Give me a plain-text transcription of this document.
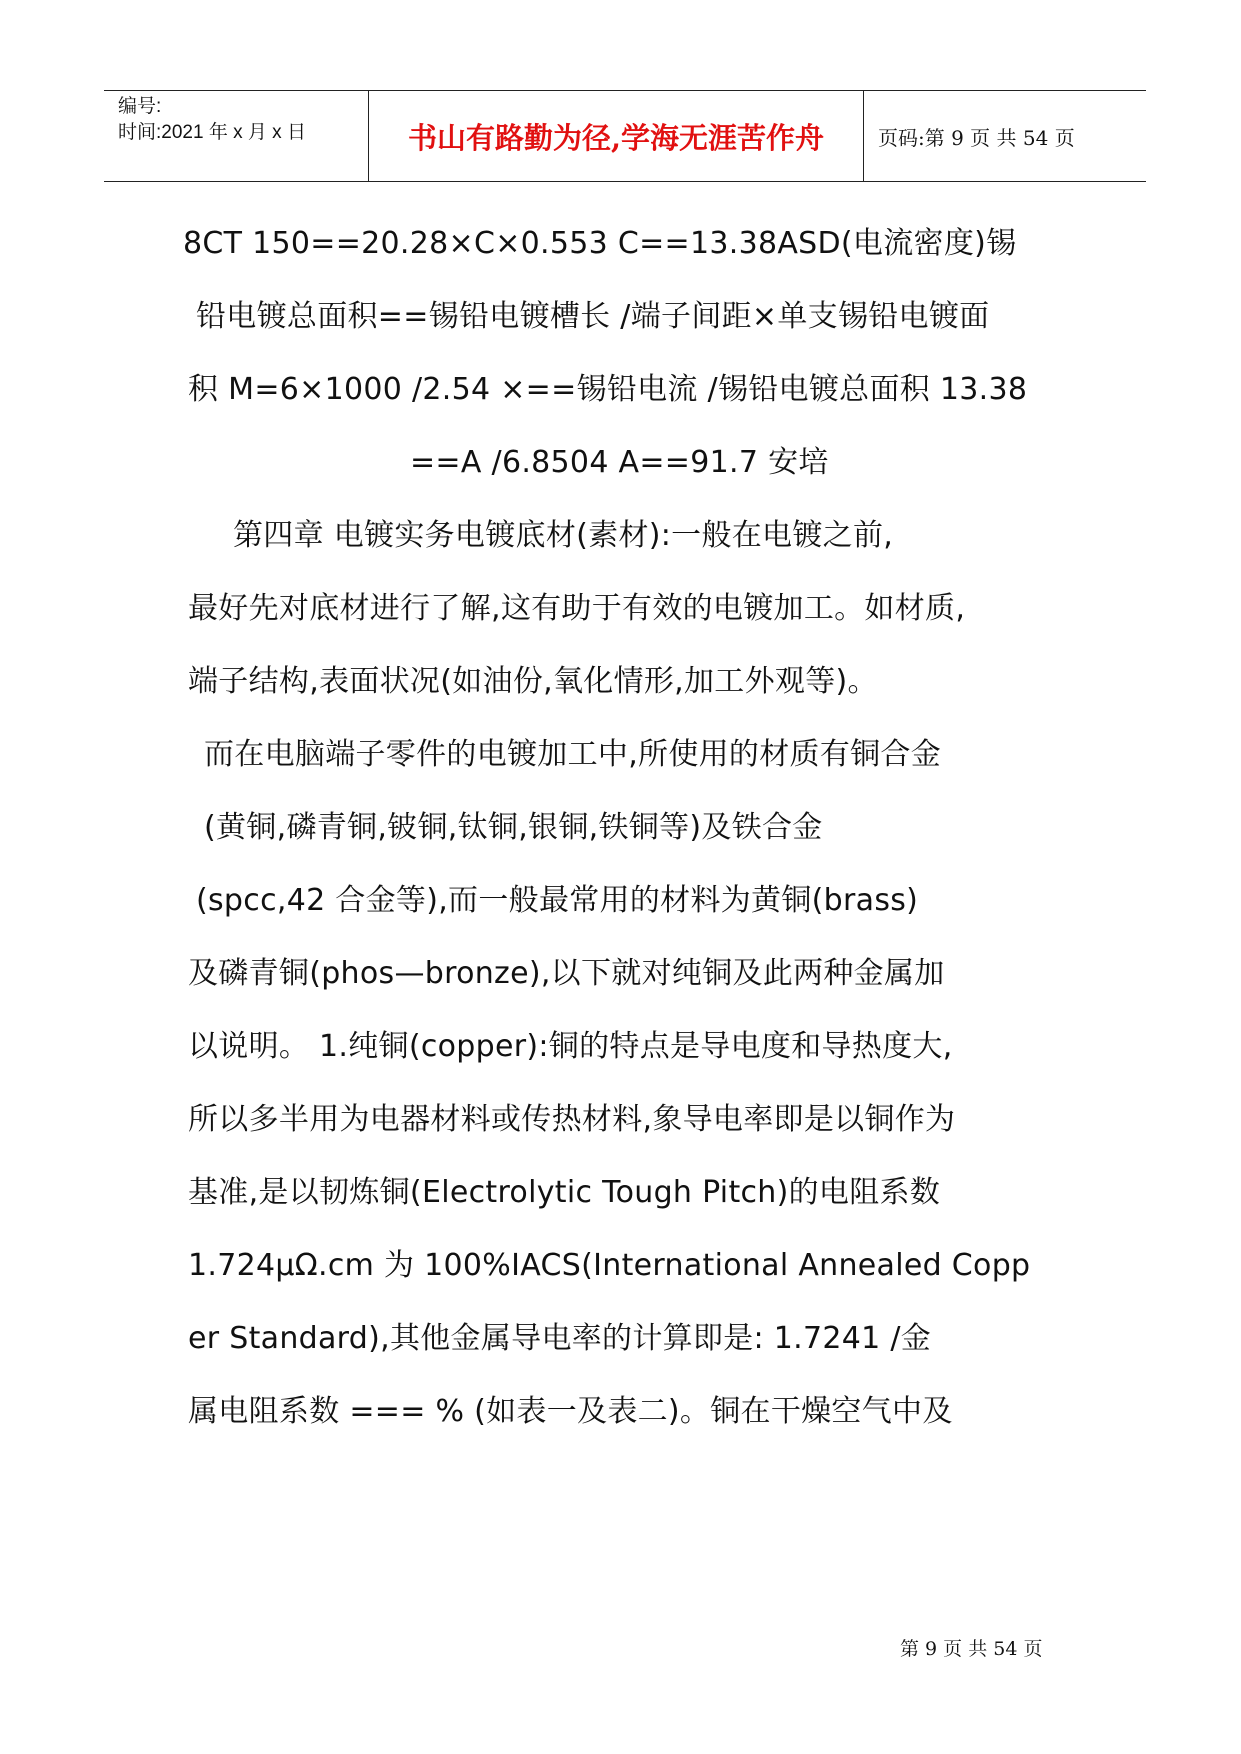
编号:
时间:2021 年 x 月 x 日	书山有路勤为径,学海无涯苦作舟	页码:第 9 页 共 54 页
8CT 150==20.28×C×0.553 C==13.38ASD(电流密度)锡
铅电镀总面积==锡铅电镀槽长 /端子间距×单支锡铅电镀面
积 M=6×1000 /2.54 ×==锡铅电流 /锡铅电镀总面积 13.38
==A /6.8504 A==91.7 安培
第四章 电镀实务电镀底材(素材):一般在电镀之前,
最好先对底材进行了解,这有助于有效的电镀加工。如材质,
端子结构,表面状况(如油份,氧化情形,加工外观等)。
而在电脑端子零件的电镀加工中,所使用的材质有铜合金
(黄铜,磷青铜,铍铜,钛铜,银铜,铁铜等)及铁合金
(spcc,42 合金等),而一般最常用的材料为黄铜(brass)
及磷青铜(phos—bronze),以下就对纯铜及此两种金属加
以说明。 1.纯铜(copper):铜的特点是导电度和导热度大,
所以多半用为电器材料或传热材料,象导电率即是以铜作为
基准,是以韧炼铜(Electrolytic Tough Pitch)的电阻系数
1.724μΩ.cm 为 100%IACS(International Annealed Copp
er Standard),其他金属导电率的计算即是: 1.7241 /金
属电阻系数 === % (如表一及表二)。铜在干燥空气中及
第 9 页 共 54 页
